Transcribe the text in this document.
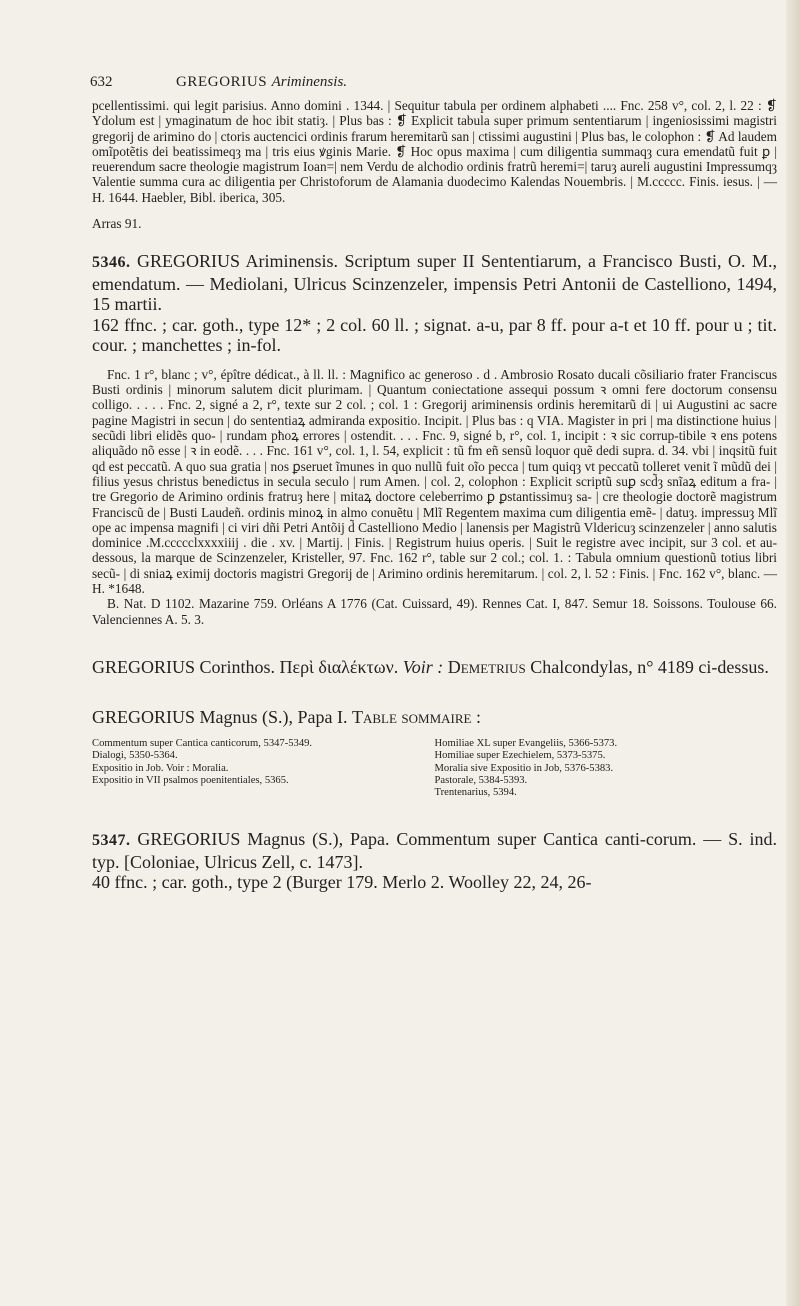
632	GREGORIUS Ariminensis.

pcellentissimi. qui legit parisius. Anno domini . 1344. | Sequitur tabula per ordinem alphabeti .... Fnc. 258 v°, col. 2, l. 22 : ❡ Ydolum est | ymaginatum de hoc ibit statiȝ. | Plus bas : ❡ Explicit tabula super primum sententiarum | ingeniosissimi magistri gregorij de arimino do | ctoris auctencici ordinis frarum heremitarũ san | ctissimi augustini | Plus bas, le colophon : ❡ Ad laudem omĩpotẽtis dei beatissimeqȝ ma | tris eius ꝟginis Marie. ❡ Hoc opus maxima | cum diligentia summaqȝ cura emendatũ fuit ꝑ | reuerendum sacre theologie magistrum Ioan=| nem Verdu de alchodio ordinis fratrũ heremi=| taruȝ aureli augustini Impressumqȝ Valentie summa cura ac diligentia per Christoforum de Alamania duodecimo Kalendas Nouembris. | M.ccccc. Finis. iesus. | — H. 1644. Haebler, Bibl. iberica, 305.

Arras 91.

5346. GREGORIUS Ariminensis. Scriptum super II Sententiarum, a Francisco Busti, O. M., emendatum. — Mediolani, Ulricus Scinzenzeler, impensis Petri Antonii de Castelliono, 1494, 15 martii.
162 ffnc. ; car. goth., type 12* ; 2 col. 60 ll. ; signat. a-u, par 8 ff. pour a-t et 10 ff. pour u ; tit. cour. ; manchettes ; in-fol.

Fnc. 1 r°, blanc ; v°, épître dédicat., à ll. ll. : Magnifico ac generoso . d . Ambrosio Rosato ducali cõsiliario frater Franciscus Busti ordinis | minorum salutem dicit plurimam. | Quantum coniectatione assequi possum ꝛ omni fere doctorum consensu colligo. . . . . Fnc. 2, signé a 2, r°, texte sur 2 col. ; col. 1 : Gregorij ariminensis ordinis heremitarũ di | ui Augustini ac sacre pagine Magistri in secun | do sententiaꝝ admiranda expositio. Incipit. | Plus bas : q VIA. Magister in pri | ma distinctione huius | secũdi libri elidẽs quo- | rundam pħoꝝ errores | ostendit. . . . Fnc. 9, signé b, r°, col. 1, incipit : ꝛ sic corrup-tibile ꝛ ens potens aliquãdo nõ esse | ꝛ in eodẽ. . . . Fnc. 161 v°, col. 1, l. 54, explicit : tũ fm eñ sensũ loquor quẽ dedi supra. d. 34. vbi | inqsitũ fuit qd est peccatũ. A quo sua gratia | nos ꝑseruet ĩmunes in quo nullũ fuit oĩo pecca | tum quiqȝ vt peccatũ tolleret venit ĩ mũdũ dei | filius yesus christus benedictus in secula seculo | rum Amen. | col. 2, colophon : Explicit scriptũ suꝑ scd̃ȝ snĩaꝝ editum a fra- | tre Gregorio de Arimino ordinis fratruȝ here | mitaꝝ doctore celeberrimo ꝑ ꝑstantissimuȝ sa- | cre theologie doctorẽ magistrum Franciscũ de | Busti Laudeñ. ordinis minoꝝ in almo conuẽtu | Mlĩ Regentem maxima cum diligentia emẽ- | datuȝ. impressuȝ Mlĩ ope ac impensa magnifi | ci viri dñi Petri Antõij d̃ Castelliono Medio | lanensis per Magistrũ Vldericuȝ scinzenzeler | anno salutis dominice .M.ccccclxxxxiiij . die . xv. | Martij. | Finis. | Registrum huius operis. | Suit le registre avec incipit, sur 3 col. et au-dessous, la marque de Scinzenzeler, Kristeller, 97. Fnc. 162 r°, table sur 2 col.; col. 1. : Tabula omnium questionũ totius libri secũ- | di sniaꝝ eximij doctoris magistri Gregorij de | Arimino ordinis heremitarum. | col. 2, l. 52 : Finis. | Fnc. 162 v°, blanc. — H. *1648.

B. Nat. D 1102. Mazarine 759. Orléans A 1776 (Cat. Cuissard, 49). Rennes Cat. I, 847. Semur 18. Soissons. Toulouse 66. Valenciennes A. 5. 3.

GREGORIUS Corinthos. Περὶ διαλέκτων. Voir : Demetrius Chalcondylas, n° 4189 ci-dessus.
GREGORIUS Magnus (S.), Papa I. Table sommaire :
Commentum super Cantica canticorum, 5347-5349.
Dialogi, 5350-5364.
Expositio in Job. Voir : Moralia.
Expositio in VII psalmos poenitentiales, 5365.
Homiliae XL super Evangeliis, 5366-5373.
Homiliae super Ezechielem, 5373-5375.
Moralia sive Expositio in Job, 5376-5383.
Pastorale, 5384-5393.
Trentenarius, 5394.
5347. GREGORIUS Magnus (S.), Papa. Commentum super Cantica canti-corum. — S. ind. typ. [Coloniae, Ulricus Zell, c. 1473].
40 ffnc. ; car. goth., type 2 (Burger 179. Merlo 2. Woolley 22, 24, 26-
